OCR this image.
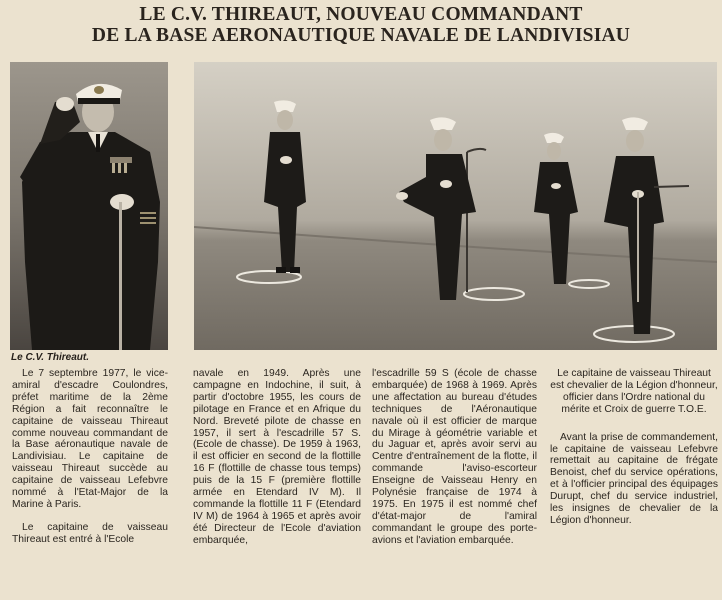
LE C.V. THIREAUT, NOUVEAU COMMANDANT
DE LA BASE AERONAUTIQUE NAVALE DE LANDIVISIAU
Le C.V. Thireaut.

Le 7 septembre 1977, le vice-amiral d'escadre Coulondres, préfet maritime de la 2ème Région a fait reconnaître le capitaine de vaisseau Thireaut comme nouveau commandant de la Base aéronautique navale de Landivisiau. Le capitaine de vaisseau Thireaut succède au capitaine de vaisseau Lefebvre nommé à l'Etat-Major de la Marine à Paris.

Le capitaine de vaisseau Thireaut est entré à l'Ecole

navale en 1949. Après une campagne en Indochine, il suit, à partir d'octobre 1955, les cours de pilotage en France et en Afrique du Nord. Breveté pilote de chasse en 1957, il sert à l'escadrille 57 S. (Ecole de chasse). De 1959 à 1963, il est officier en second de la flottille 16 F (flottille de chasse tous temps) puis de la 15 F (première flottille armée en Etendard IV M). Il commande la flottille 11 F (Etendard IV M) de 1964 à 1965 et après avoir été Directeur de l'Ecole d'aviation embarquée,

l'escadrille 59 S (école de chasse embarquée) de 1968 à 1969. Après une affectation au bureau d'études techniques de l'Aéronautique navale où il est officier de marque du Mirage à géométrie variable et du Jaguar et, après avoir servi au Centre d'entraînement de la flotte, il commande l'aviso-escorteur Enseigne de Vaisseau Henry en Polynésie française de 1974 à 1975. En 1975 il est nommé chef d'état-major de l'amiral commandant le groupe des porte-avions et l'aviation embarquée.

Le capitaine de vaisseau Thireaut est chevalier de la Légion d'honneur, officier dans l'Ordre national du mérite et Croix de guerre T.O.E.

Avant la prise de commandement, le capitaine de vaisseau Lefebvre remettait au capitaine de frégate Benoist, chef du service opérations, et à l'officier principal des équipages Durupt, chef du service industriel, les insignes de chevalier de la Légion d'honneur.
